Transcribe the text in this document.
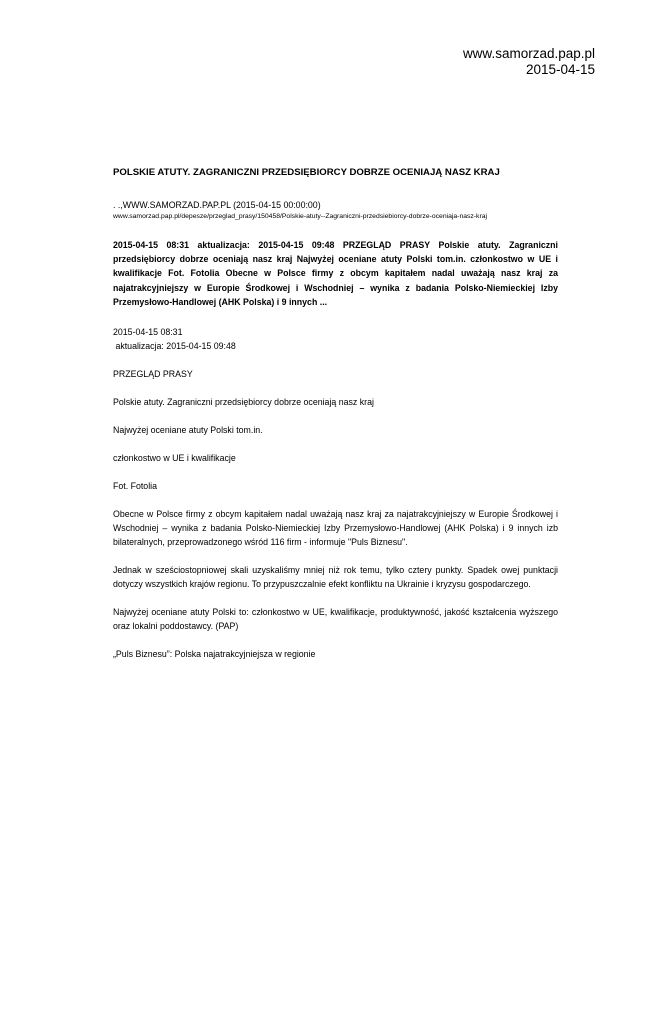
www.samorzad.pap.pl
2015-04-15
POLSKIE ATUTY. ZAGRANICZNI PRZEDSIĘBIORCY DOBRZE OCENIAJĄ NASZ KRAJ
. .,WWW.SAMORZAD.PAP.PL (2015-04-15 00:00:00)
www.samorzad.pap.pl/depesze/przeglad_prasy/150458/Polskie-atuty--Zagraniczni-przedsiebiorcy-dobrze-oceniaja-nasz-kraj
2015-04-15 08:31 aktualizacja: 2015-04-15 09:48 PRZEGLĄD PRASY Polskie atuty. Zagraniczni przedsiębiorcy dobrze oceniają nasz kraj Najwyżej oceniane atuty Polski tom.in. członkostwo w UE i kwalifikacje Fot. Fotolia Obecne w Polsce firmy z obcym kapitałem nadal uważają nasz kraj za najatrakcyjniejszy w Europie Środkowej i Wschodniej – wynika z badania Polsko-Niemieckiej Izby Przemysłowo-Handlowej (AHK Polska) i 9 innych ...
2015-04-15 08:31
aktualizacja: 2015-04-15 09:48
PRZEGLĄD PRASY
Polskie atuty. Zagraniczni przedsiębiorcy dobrze oceniają nasz kraj
Najwyżej oceniane atuty Polski tom.in.
członkostwo w UE i kwalifikacje
Fot. Fotolia
Obecne w Polsce firmy z obcym kapitałem nadal uważają nasz kraj za najatrakcyjniejszy w Europie Środkowej i Wschodniej – wynika z badania Polsko-Niemieckiej Izby Przemysłowo-Handlowej (AHK Polska) i 9 innych izb bilateralnych, przeprowadzonego wśród 116 firm - informuje "Puls Biznesu".
Jednak w sześciostopniowej skali uzyskaliśmy mniej niż rok temu, tylko cztery punkty. Spadek owej punktacji dotyczy wszystkich krajów regionu. To przypuszczalnie efekt konfliktu na Ukrainie i kryzysu gospodarczego.
Najwyżej oceniane atuty Polski to: członkostwo w UE, kwalifikacje, produktywność, jakość kształcenia wyższego oraz lokalni poddostawcy. (PAP)
„Puls Biznesu”: Polska najatrakcyjniejsza w regionie
